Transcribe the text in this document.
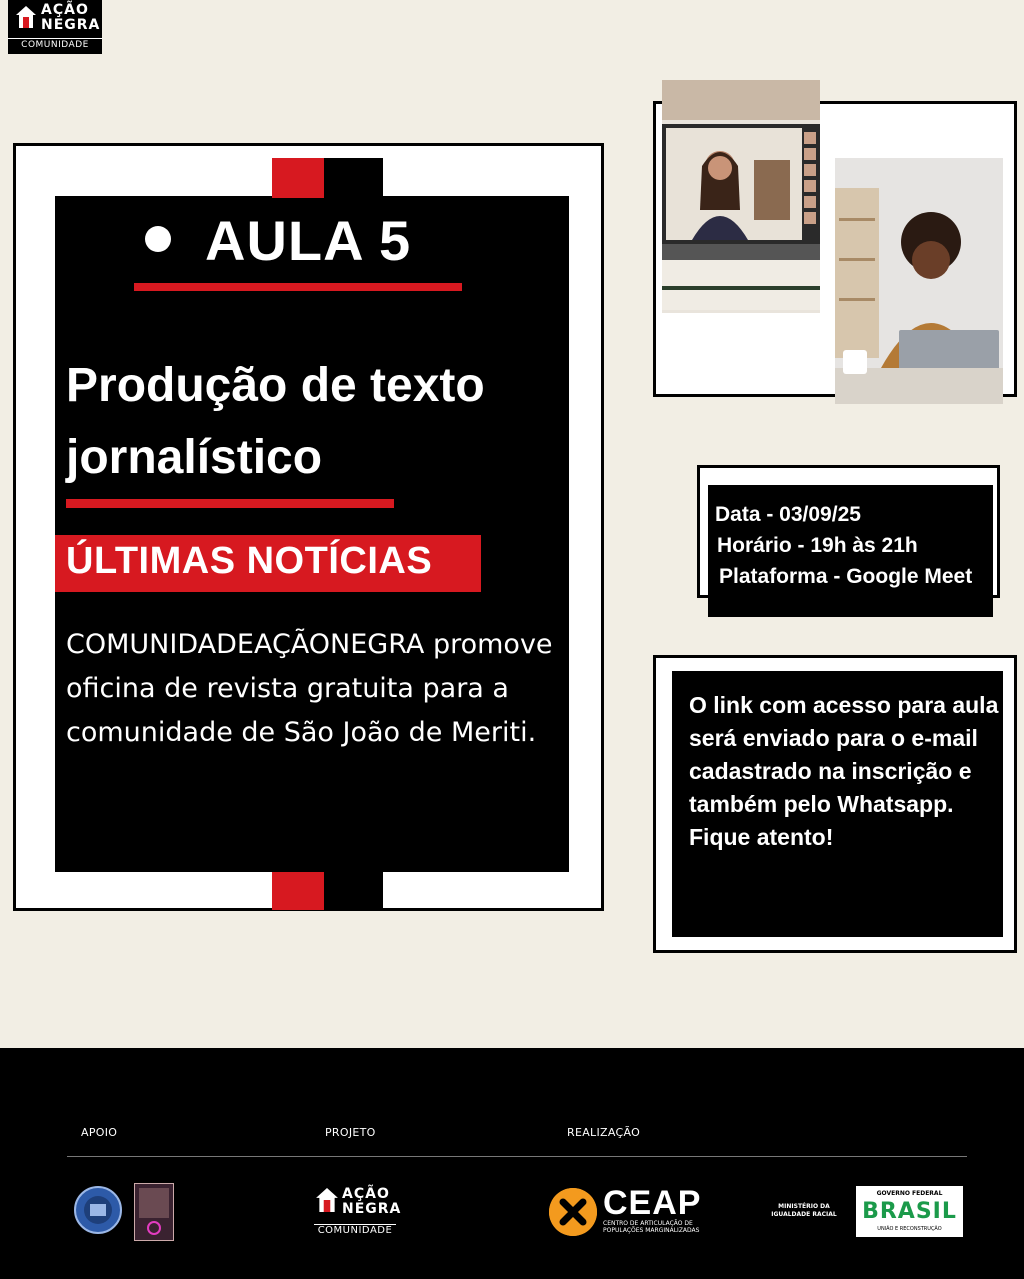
AÇÃO
NEGRA
COMUNIDADE
AULA 5
Produção de texto jornalístico
ÚLTIMAS NOTÍCIAS
COMUNIDADEAÇÃONEGRA promove oficina de revista gratuita para a comunidade de São João de Meriti.
Data - 03/09/25
Horário - 19h às 21h
Plataforma - Google Meet
O link com acesso para aula será enviado para o e-mail cadastrado na inscrição e também pelo Whatsapp. Fique atento!
APOIO	PROJETO	REALIZAÇÃO
AÇÃO
NEGRA
COMUNIDADE
CEAP
CENTRO DE ARTICULAÇÃO DE POPULAÇÕES MARGINALIZADAS
MINISTÉRIO DA IGUALDADE RACIAL
GOVERNO FEDERAL
BRASIL
UNIÃO E RECONSTRUÇÃO
